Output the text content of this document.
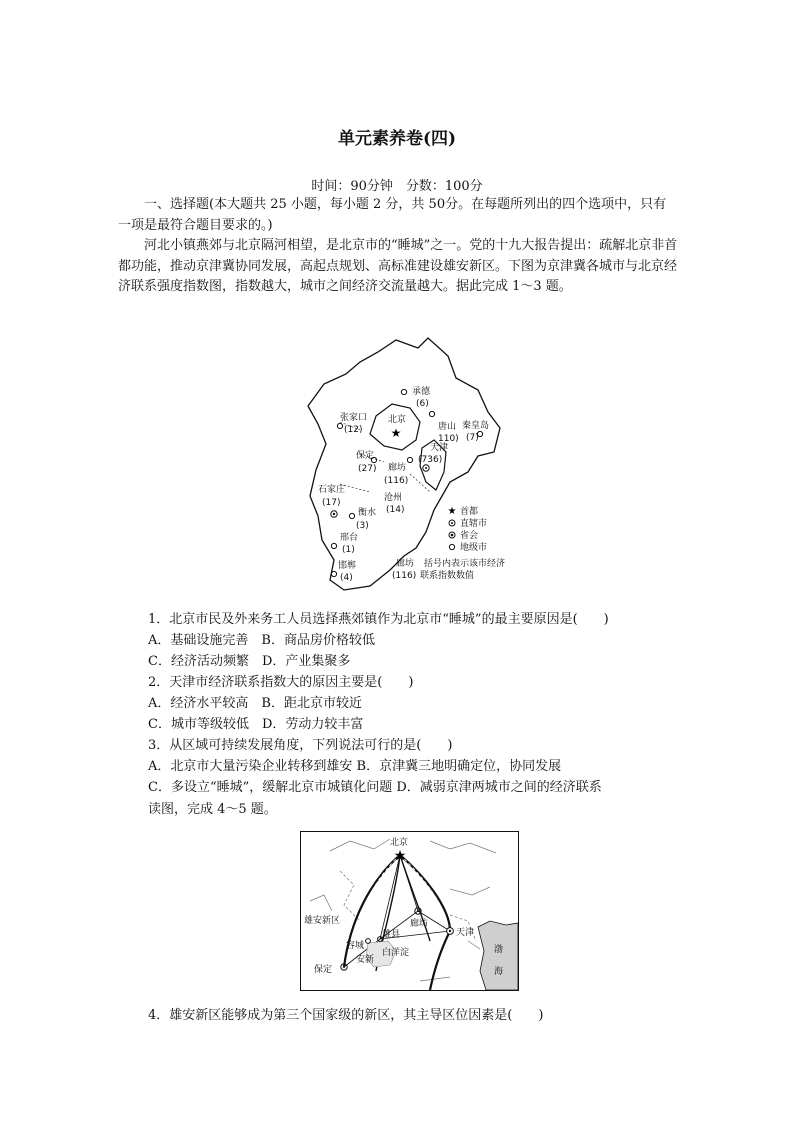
单元素养卷(四)
时间：90分钟　分数：100分
一、选择题(本大题共 25 小题，每小题 2 分，共 50分。在每题所列出的四个选项中，只有一项是最符合题目要求的。)
河北小镇燕郊与北京隔河相望，是北京市的“睡城”之一。党的十九大报告提出：疏解北京非首都功能，推动京津冀协同发展，高起点规划、高标准建设雄安新区。下图为京津冀各城市与北京经济联系强度指数图，指数越大，城市之间经济交流量越大。据此完成 1～3 题。
承德
(6)
张家口
(12)
北京
★	唐山
110)
秦皇岛
(7)
天津
(736)
保定
(27) 廊坊
(116)
石家庄
(17)	沧州
(14)
衡水
(3)
邢台
(1)
邯郸
(4)
★ 首都
直辖市
省会
地级市
廊坊
(116)
括号内表示该市经济
联系指数数值
1．北京市民及外来务工人员选择燕郊镇作为北京市“睡城”的最主要原因是(　　)
A．基础设施完善　B．商品房价格较低
C．经济活动频繁　D．产业集聚多
2．天津市经济联系指数大的原因主要是(　　)
A．经济水平较高　B．距北京市较近
C．城市等级较低　D．劳动力较丰富
3．从区域可持续发展角度，下列说法可行的是(　　)
A．北京市大量污染企业转移到雄安 B．京津冀三地明确定位，协同发展
C．多设立“睡城”，缓解北京市城镇化问题 D．减弱京津两城市之间的经济联系
读图，完成 4～5 题。
★
北京
雄安新区	廊坊
天津
雄县
容城
安新
白洋淀
保定
渤
海
4．雄安新区能够成为第三个国家级的新区，其主导区位因素是(　　)
